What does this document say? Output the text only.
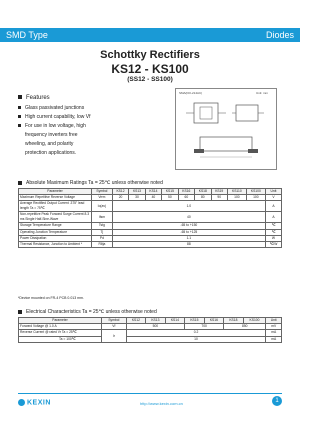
SMD Type	Diodes
Schottky Rectifiers
KS12 - KS100
(SS12 - SS100)
Features
Glass passivated junctions
High current capability, low Vf
For use in low voltage, high
frequency inverters free
wheeling, and polarity
protection applications.
SMA(DO-214AC)	Unit: mm
Absolute Maximum Ratings Ta = 25℃ unless otherwise noted
Parameter	Symbol	KS12	KS13	KS14	KS15	KS16	KS18	KS19	KS110	KS100	Unit
Maximum Repetitive Reverse Voltage	Vrrm	20	30	40	50	60	80	90	100	100	V
Average Rectified Output Current .375" lead length Ta = 75℃	Io(av)	1.0									A
Non-repetitive Peak Forward Surge Current 8.3 ms Single Half-Sine-Wave	Ifsm	40									A
Storage Temperature Range	Tstg	-65 to +150									℃
Operating Junction Temperature	Tj	-65 to +125									℃
Power Dissipation	Pd	1.1									W
Thermal Resistance, Junction to Ambient *	Rθja	88									℃/W
*Device mounted on FR-4 PCB 0.013 mm.
Electrical Characteristics Ta = 25℃ unless otherwise noted
Parameter	Symbol	KS12	KS13	KS14	KS15	KS16	KS18	KS100	Unit
Forward Voltage @ 1.0 A	Vf	500			700		850		mV
Reverse Current @ rated Vr Ta = 25℃	Ir	0.2							mA
Ta = 100℃		10							mA
KEXIN	http://www.kexin.com.cn	1
